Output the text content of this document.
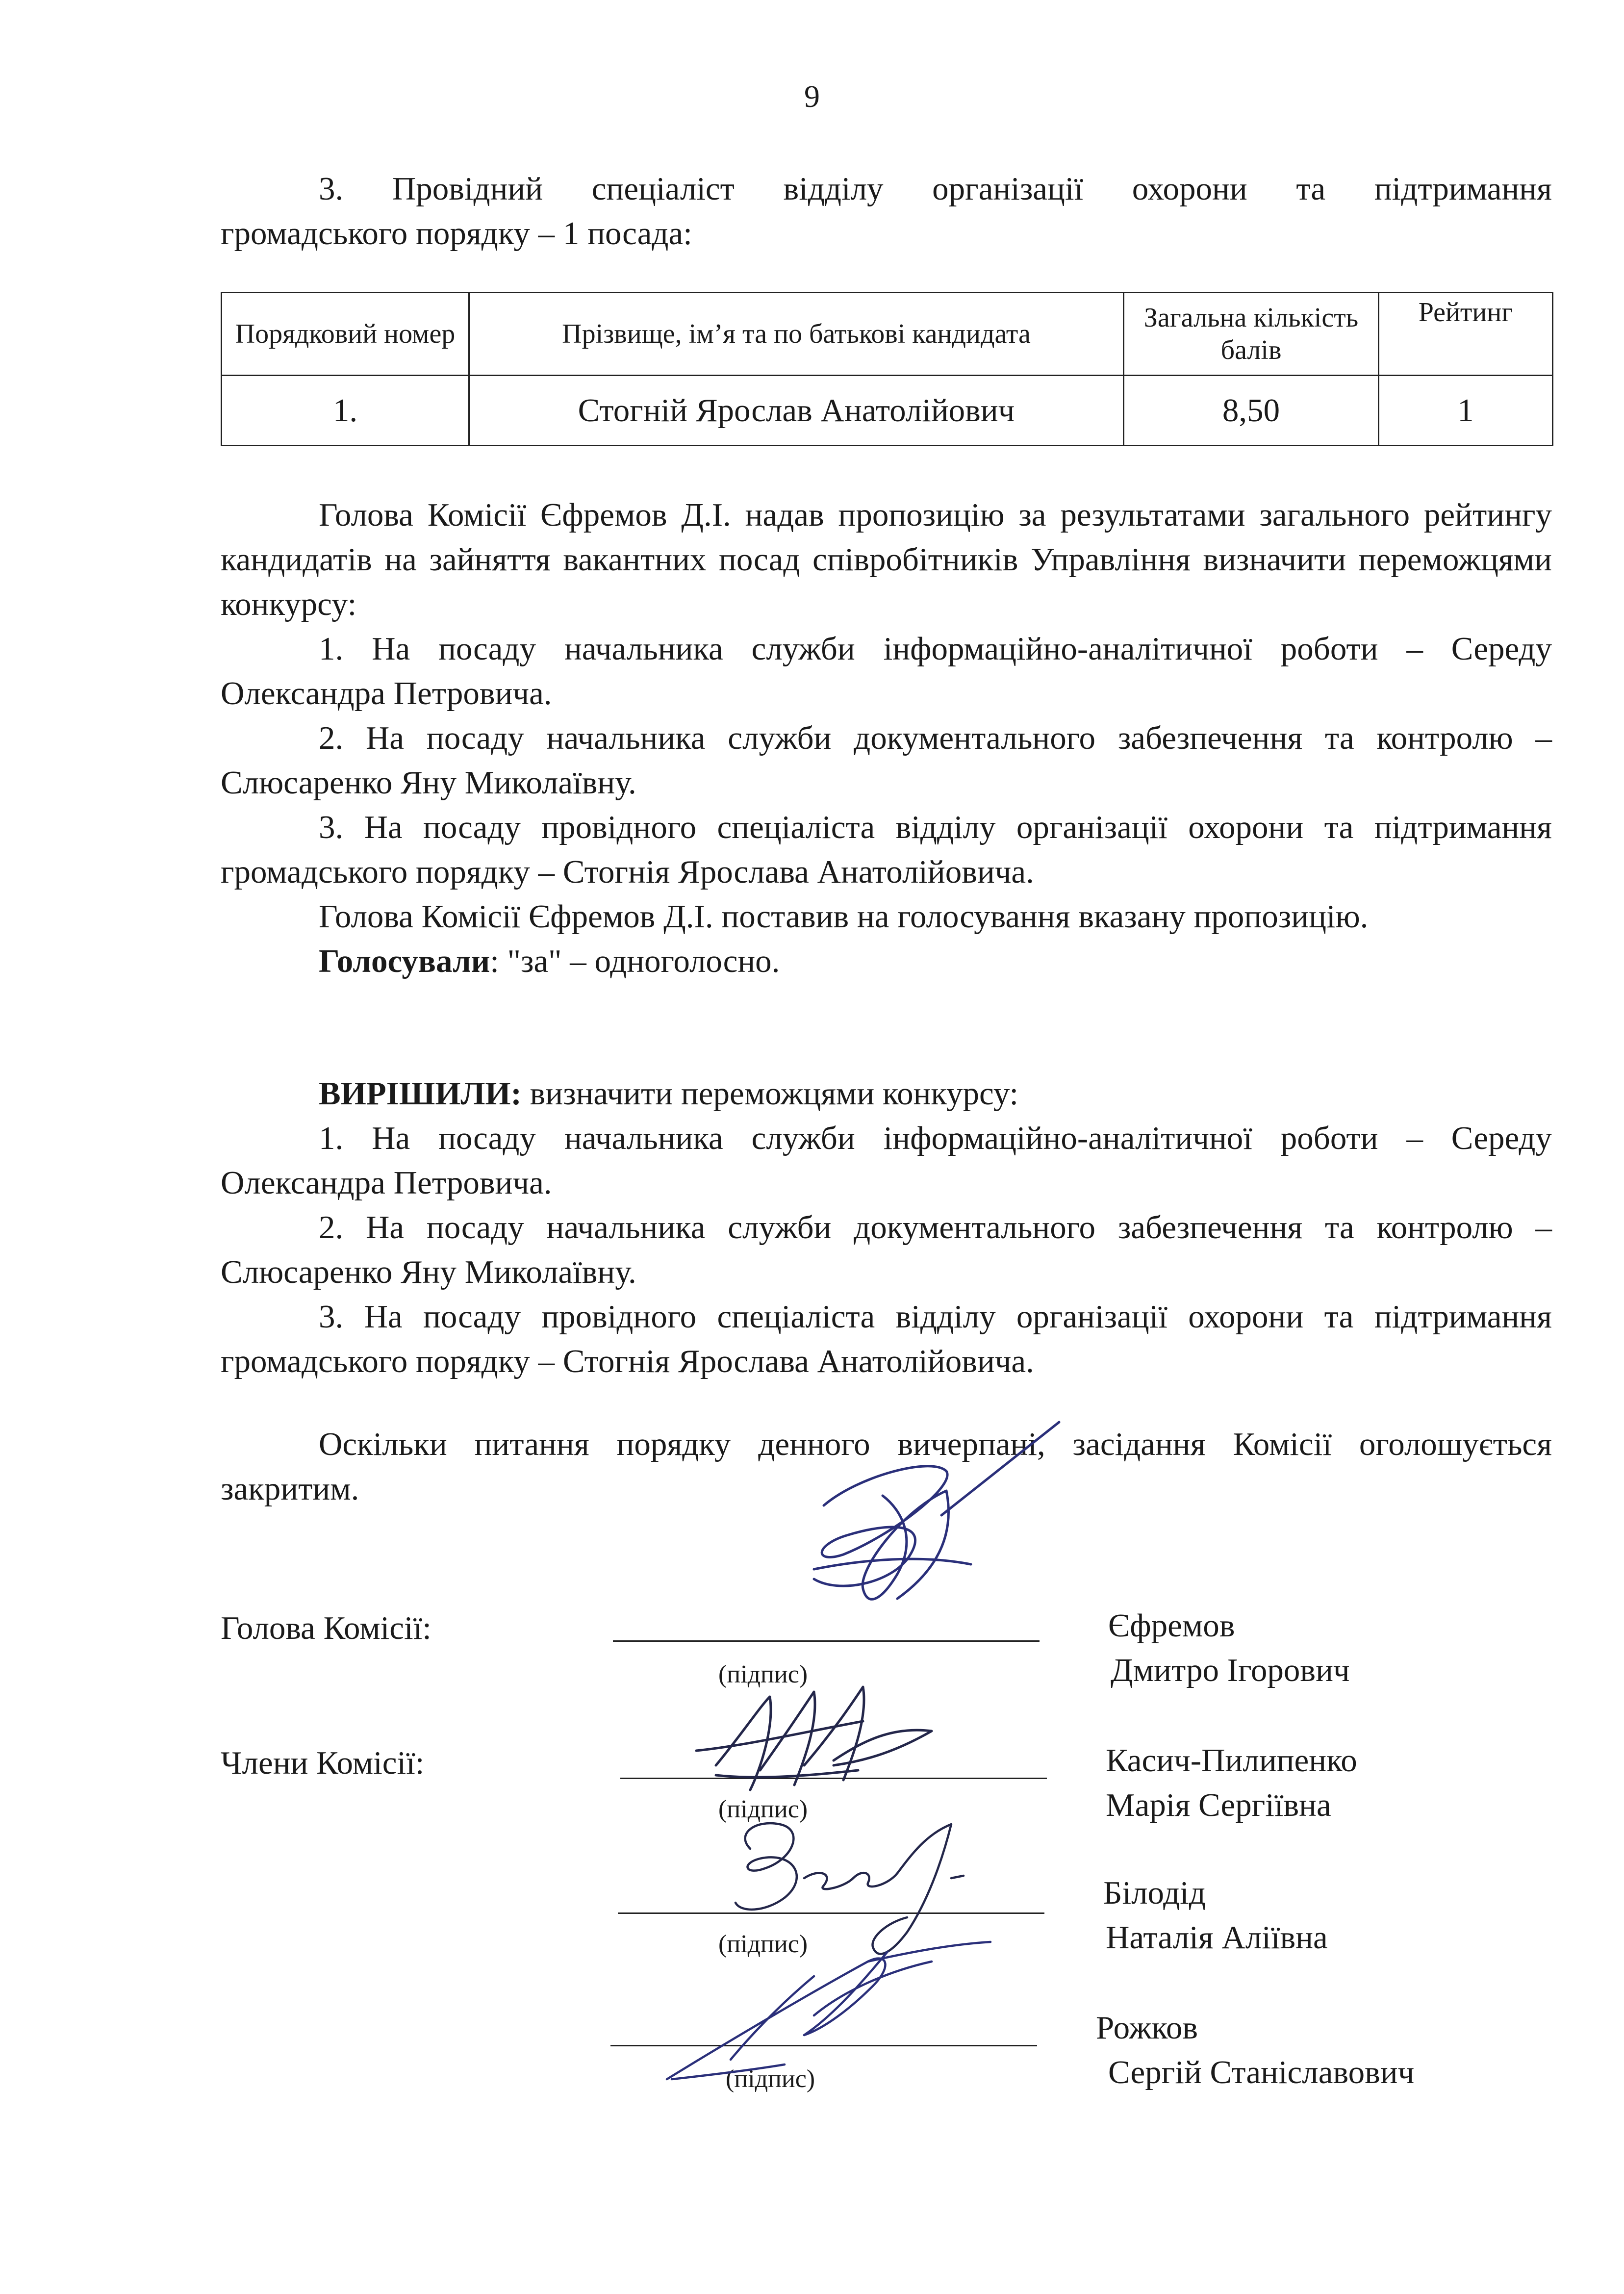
9
3. Провідний спеціаліст відділу організації охорони та підтримання
громадського порядку – 1 посада:
Порядковий номер	Прізвище, ім’я та по батькові кандидата	Загальна кількість балів	Рейтинг
1.	Стогній Ярослав Анатолійович	8,50	1
Голова Комісії Єфремов Д.І. надав пропозицію за результатами загального рейтингу кандидатів на зайняття вакантних посад співробітників Управління визначити переможцями конкурсу:
1. На посаду начальника служби інформаційно-аналітичної роботи – Середу Олександра Петровича.
2. На посаду начальника служби документального забезпечення та контролю – Слюсаренко Яну Миколаївну.
3. На посаду провідного спеціаліста відділу організації охорони та підтримання громадського порядку – Стогнія Ярослава Анатолійовича.
Голова Комісії Єфремов Д.І. поставив на голосування вказану пропозицію.
Голосували: "за" – одноголосно.
ВИРІШИЛИ: визначити переможцями конкурсу:
1. На посаду начальника служби інформаційно-аналітичної роботи – Середу Олександра Петровича.
2. На посаду начальника служби документального забезпечення та контролю – Слюсаренко Яну Миколаївну.
3. На посаду провідного спеціаліста відділу організації охорони та підтримання громадського порядку – Стогнія Ярослава Анатолійовича.
Оскільки питання порядку денного вичерпані, засідання Комісії оголошується закритим.
Голова Комісії:
Члени Комісії:
(підпис)
(підпис)
(підпис)
(підпис)
Єфремов
Дмитро Ігорович
Касич-Пилипенко
Марія Сергіївна
Білодід
Наталія Аліївна
Рожков
Сергій Станіславович
